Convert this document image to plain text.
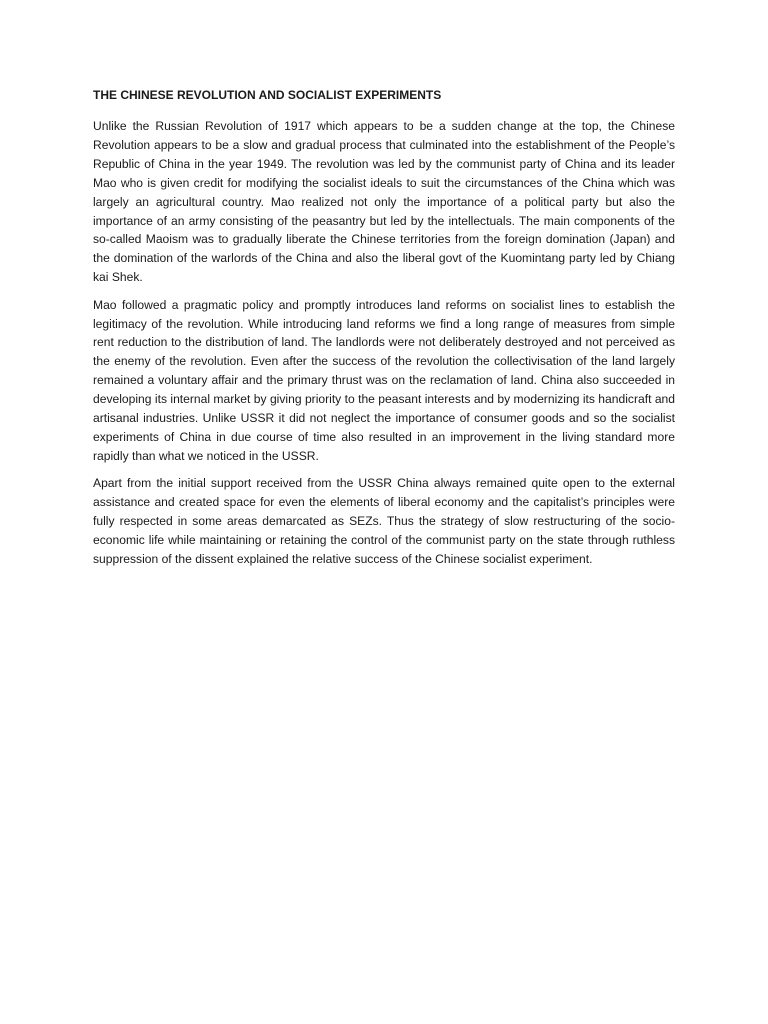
THE CHINESE REVOLUTION AND SOCIALIST EXPERIMENTS

Unlike the Russian Revolution of 1917 which appears to be a sudden change at the top, the Chinese Revolution appears to be a slow and gradual process that culminated into the establishment of the People’s Republic of China in the year 1949. The revolution was led by the communist party of China and its leader Mao who is given credit for modifying the socialist ideals to suit the circumstances of the China which was largely an agricultural country. Mao realized not only the importance of a political party but also the importance of an army consisting of the peasantry but led by the intellectuals. The main components of the so-called Maoism was to gradually liberate the Chinese territories from the foreign domination (Japan) and the domination of the warlords of the China and also the liberal govt of the Kuomintang party led by Chiang kai Shek.

Mao followed a pragmatic policy and promptly introduces land reforms on socialist lines to establish the legitimacy of the revolution. While introducing land reforms we find a long range of measures from simple rent reduction to the distribution of land. The landlords were not deliberately destroyed and not perceived as the enemy of the revolution. Even after the success of the revolution the collectivisation of the land largely remained a voluntary affair and the primary thrust was on the reclamation of land. China also succeeded in developing its internal market by giving priority to the peasant interests and by modernizing its handicraft and artisanal industries. Unlike USSR it did not neglect the importance of consumer goods and so the socialist experiments of China in due course of time also resulted in an improvement in the living standard more rapidly than what we noticed in the USSR.

Apart from the initial support received from the USSR China always remained quite open to the external assistance and created space for even the elements of liberal economy and the capitalist’s principles were fully respected in some areas demarcated as SEZs. Thus the strategy of slow restructuring of the socio-economic life while maintaining or retaining the control of the communist party on the state through ruthless suppression of the dissent explained the relative success of the Chinese socialist experiment.
